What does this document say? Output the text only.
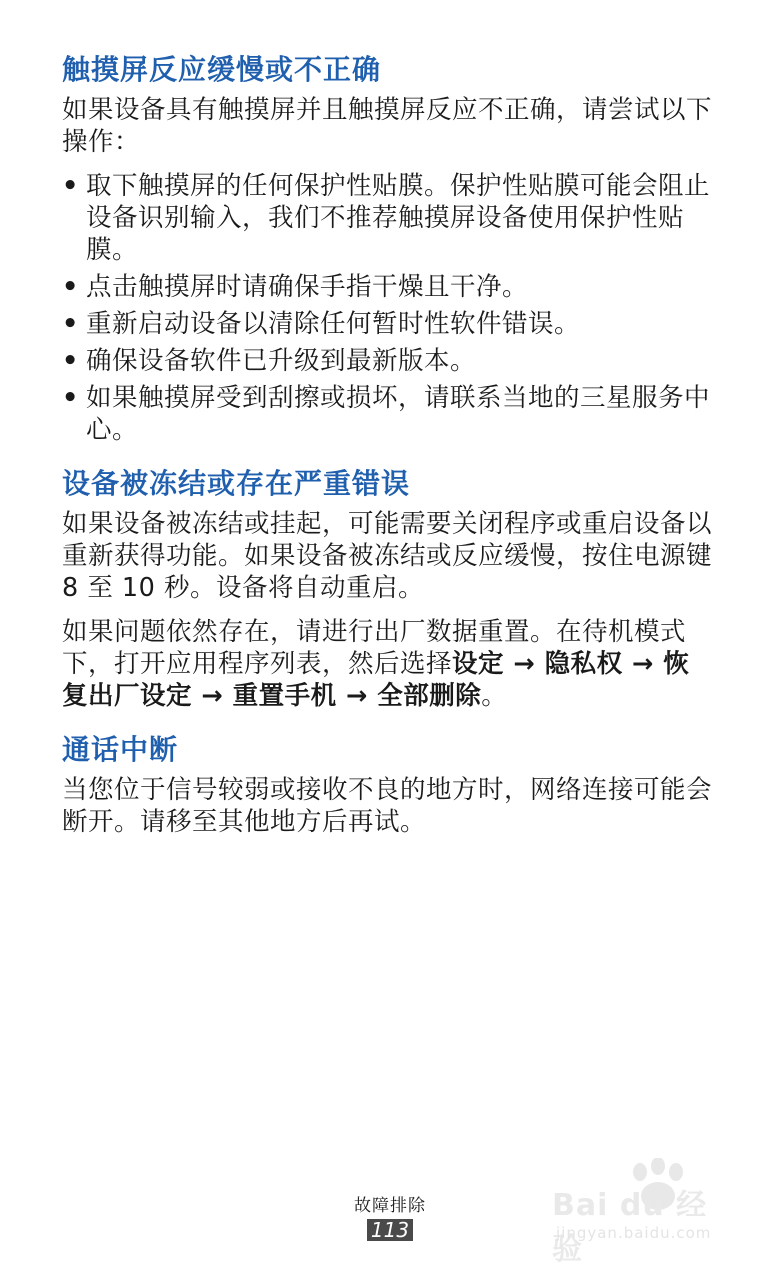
触摸屏反应缓慢或不正确

如果设备具有触摸屏并且触摸屏反应不正确，请尝试以下操作：

• 取下触摸屏的任何保护性贴膜。保护性贴膜可能会阻止设备识别输入，我们不推荐触摸屏设备使用保护性贴膜。
• 点击触摸屏时请确保手指干燥且干净。
• 重新启动设备以清除任何暂时性软件错误。
• 确保设备软件已升级到最新版本。
• 如果触摸屏受到刮擦或损坏，请联系当地的三星服务中心。
设备被冻结或存在严重错误

如果设备被冻结或挂起，可能需要关闭程序或重启设备以重新获得功能。如果设备被冻结或反应缓慢，按住电源键 8 至 10 秒。设备将自动重启。

如果问题依然存在，请进行出厂数据重置。在待机模式下，打开应用程序列表，然后选择设定 → 隐私权 → 恢复出厂设定 → 重置手机 → 全部删除。

通话中断

当您位于信号较弱或接收不良的地方时，网络连接可能会断开。请移至其他地方后再试。

故障排除
113
Bai du 经验
jingyan.baidu.com
